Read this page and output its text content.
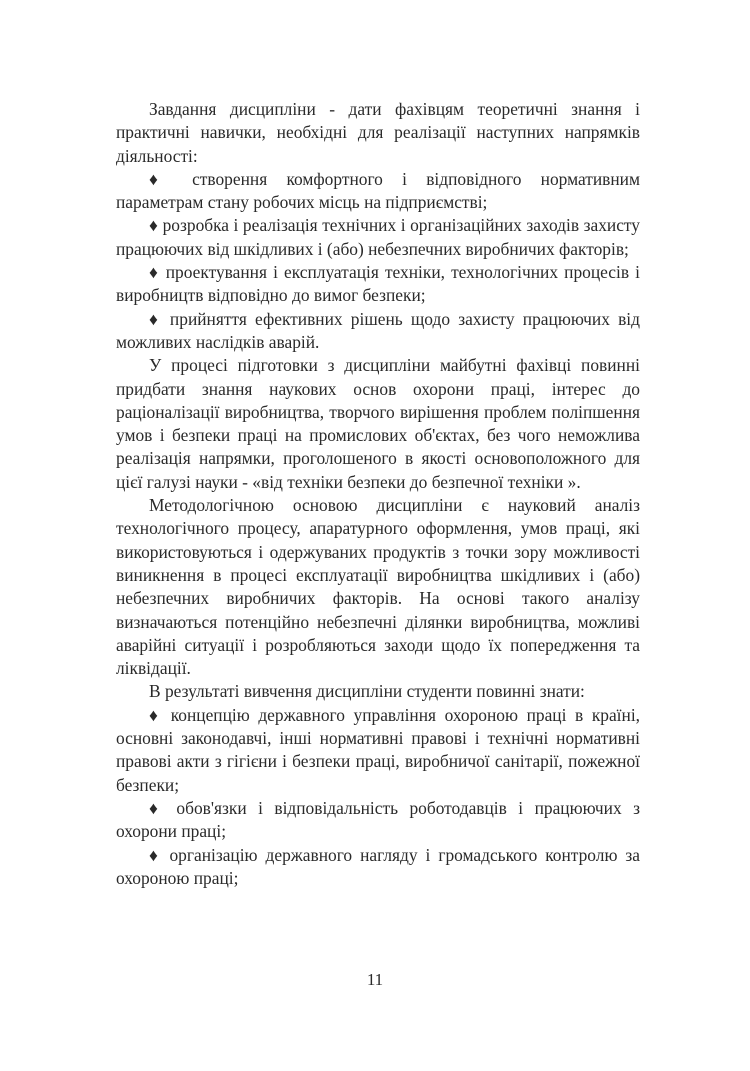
Завдання дисципліни - дати фахівцям теоретичні знання і практичні навички, необхідні для реалізації наступних напрямків діяльності:

♦ створення комфортного і відповідного нормативним параметрам стану робочих місць на підприємстві;

♦ розробка і реалізація технічних і організаційних заходів захисту працюючих від шкідливих і (або) небезпечних виробничих факторів;

♦ проектування і експлуатація техніки, технологічних процесів і виробництв відповідно до вимог безпеки;

♦ прийняття ефективних рішень щодо захисту працюючих від можливих наслідків аварій.

У процесі підготовки з дисципліни майбутні фахівці повинні придбати знання наукових основ охорони праці, інтерес до раціоналізації виробництва, творчого вирішення проблем поліпшення умов і безпеки праці на промислових об'єктах, без чого неможлива реалізація напрямки, проголошеного в якості основоположного для цієї галузі науки - «від техніки безпеки до безпечної техніки ».

Методологічною основою дисципліни є науковий аналіз технологічного процесу, апаратурного оформлення, умов праці, які використовуються і одержуваних продуктів з точки зору можливості виникнення в процесі експлуатації виробництва шкідливих і (або) небезпечних виробничих факторів. На основі такого аналізу визначаються потенційно небезпечні ділянки виробництва, можливі аварійні ситуації і розробляються заходи щодо їх попередження та ліквідації.

В результаті вивчення дисципліни студенти повинні знати:

♦ концепцію державного управління охороною праці в країні, основні законодавчі, інші нормативні правові і технічні нормативні правові акти з гігієни і безпеки праці, виробничої санітарії, пожежної безпеки;

♦ обов'язки і відповідальність роботодавців і працюючих з охорони праці;

♦ організацію державного нагляду і громадського контролю за охороною праці;

11
